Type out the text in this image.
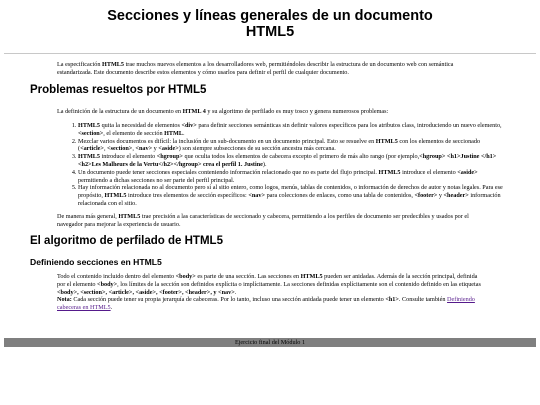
Secciones y líneas generales de un documento
HTML5
La especificación HTML5 trae muchos nuevos elementos a los desarrolladores web, permitiéndoles describir la estructura de un documento web con semántica estandarizada. Este documento describe estos elementos y cómo usarlos para definir el perfil de cualquier documento.
Problemas resueltos por HTML5
La definición de la estructura de un documento en HTML 4 y su algoritmo de perfilado es muy tosco y genera numerosos problemas:
1. HTML5 quita la necesidad de elementos <div> para definir secciones semánticas sin definir valores específicos para los atributos class, introduciendo un nuevo elemento, <section>, el elemento de sección HTML.
2. Mezclar varios documentos es difícil: la inclusión de un sub-documento en un documento principal. Esto se resuelve en HTML5 con los elementos de seccionado (<article>, <section>, <nav> y <aside>) son siempre subsecciones de su sección ancestra más cercana.
3. HTML5 introduce el elemento <hgroup> que oculta todos los elementos de cabecera excepto el primero de más alto rango (por ejemplo,<hgroup> <h1>Justine </h1> <h2>Les Malheurs de la Vertu</h2></hgroup> crea el perfil 1. Justine).
4. Un documento puede tener secciones especiales conteniendo información relacionado que no es parte del flujo principal. HTML5 introduce el elemento <aside> permitiendo a dichas secciones no ser parte del perfil principal.
5. Hay información relacionada no al documento pero sí al sitio entero, como logos, menús, tablas de contenidos, o información de derechos de autor y notas legales. Para ese propósito, HTML5 introduce tres elementos de sección específicos: <nav> para colecciones de enlaces, como una tabla de contenidos, <footer> y <header> información relacionada con el sitio.
De manera más general, HTML5 trae precisión a las características de seccionado y cabecera, permitiendo a los perfiles de documento ser predecibles y usados por el navegador para mejorar la experiencia de usuario.
El algoritmo de perfilado de HTML5
Definiendo secciones en HTML5
Todo el contenido incluido dentro del elemento <body> es parte de una sección. Las secciones en HTML5 pueden ser anidadas. Además de la sección principal, definida por el elemento <body>, los límites de la sección son definidos explícita o implícitamente. La secciones definidas explícitamente son el contenido definido en las etiquetas <body>, <section>, <article>, <aside>, <footer>, <header>, y <nav>.
Nota: Cada sección puede tener su propia jerarquía de cabeceras. Por lo tanto, incluso una sección anidada puede tener un elemento <h1>. Consulte también Definiendo cabeceras en HTML5.
Ejercicio final del Módulo 1
